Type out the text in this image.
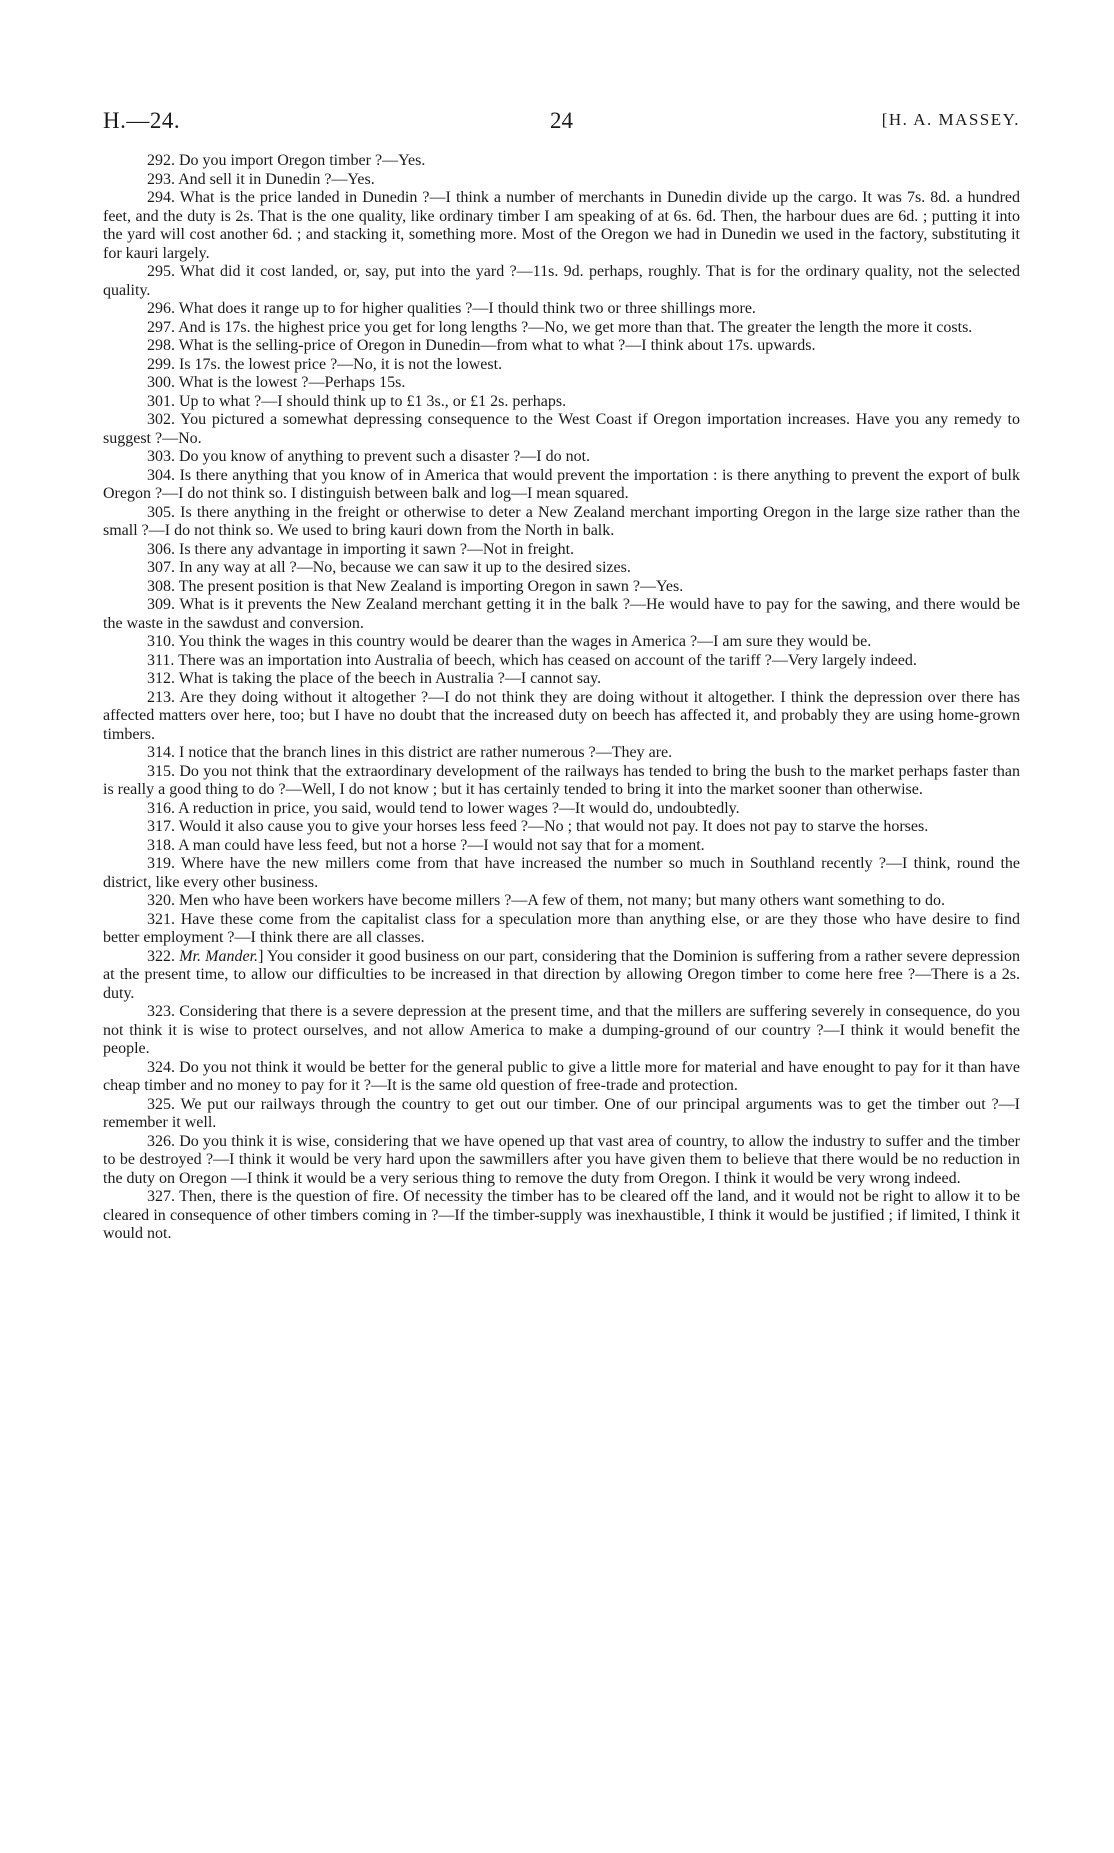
H.—24.	24	[H. A. MASSEY.

292. Do you import Oregon timber ?—Yes.

293. And sell it in Dunedin ?—Yes.

294. What is the price landed in Dunedin ?—I think a number of merchants in Dunedin divide up the cargo. It was 7s. 8d. a hundred feet, and the duty is 2s. That is the one quality, like ordinary timber I am speaking of at 6s. 6d. Then, the harbour dues are 6d. ; putting it into the yard will cost another 6d. ; and stacking it, something more. Most of the Oregon we had in Dunedin we used in the factory, substituting it for kauri largely.

295. What did it cost landed, or, say, put into the yard ?—11s. 9d. perhaps, roughly. That is for the ordinary quality, not the selected quality.

296. What does it range up to for higher qualities ?—I thould think two or three shillings more.

297. And is 17s. the highest price you get for long lengths ?—No, we get more than that. The greater the length the more it costs.

298. What is the selling-price of Oregon in Dunedin—from what to what ?—I think about 17s. upwards.

299. Is 17s. the lowest price ?—No, it is not the lowest.

300. What is the lowest ?—Perhaps 15s.

301. Up to what ?—I should think up to £1 3s., or £1 2s. perhaps.

302. You pictured a somewhat depressing consequence to the West Coast if Oregon importation increases. Have you any remedy to suggest ?—No.

303. Do you know of anything to prevent such a disaster ?—I do not.

304. Is there anything that you know of in America that would prevent the importation : is there anything to prevent the export of bulk Oregon ?—I do not think so. I distinguish between balk and log—I mean squared.

305. Is there anything in the freight or otherwise to deter a New Zealand merchant importing Oregon in the large size rather than the small ?—I do not think so. We used to bring kauri down from the North in balk.

306. Is there any advantage in importing it sawn ?—Not in freight.

307. In any way at all ?—No, because we can saw it up to the desired sizes.

308. The present position is that New Zealand is importing Oregon in sawn ?—Yes.

309. What is it prevents the New Zealand merchant getting it in the balk ?—He would have to pay for the sawing, and there would be the waste in the sawdust and conversion.

310. You think the wages in this country would be dearer than the wages in America ?—I am sure they would be.

311. There was an importation into Australia of beech, which has ceased on account of the tariff ?—Very largely indeed.

312. What is taking the place of the beech in Australia ?—I cannot say.

213. Are they doing without it altogether ?—I do not think they are doing without it altogether. I think the depression over there has affected matters over here, too; but I have no doubt that the increased duty on beech has affected it, and probably they are using home-grown timbers.

314. I notice that the branch lines in this district are rather numerous ?—They are.

315. Do you not think that the extraordinary development of the railways has tended to bring the bush to the market perhaps faster than is really a good thing to do ?—Well, I do not know ; but it has certainly tended to bring it into the market sooner than otherwise.

316. A reduction in price, you said, would tend to lower wages ?—It would do, undoubtedly.

317. Would it also cause you to give your horses less feed ?—No ; that would not pay. It does not pay to starve the horses.

318. A man could have less feed, but not a horse ?—I would not say that for a moment.

319. Where have the new millers come from that have increased the number so much in Southland recently ?—I think, round the district, like every other business.

320. Men who have been workers have become millers ?—A few of them, not many; but many others want something to do.

321. Have these come from the capitalist class for a speculation more than anything else, or are they those who have desire to find better employment ?—I think there are all classes.

322. Mr. Mander.] You consider it good business on our part, considering that the Dominion is suffering from a rather severe depression at the present time, to allow our difficulties to be increased in that direction by allowing Oregon timber to come here free ?—There is a 2s. duty.

323. Considering that there is a severe depression at the present time, and that the millers are suffering severely in consequence, do you not think it is wise to protect ourselves, and not allow America to make a dumping-ground of our country ?—I think it would benefit the people.

324. Do you not think it would be better for the general public to give a little more for material and have enought to pay for it than have cheap timber and no money to pay for it ?—It is the same old question of free-trade and protection.

325. We put our railways through the country to get out our timber. One of our principal arguments was to get the timber out ?—I remember it well.

326. Do you think it is wise, considering that we have opened up that vast area of country, to allow the industry to suffer and the timber to be destroyed ?—I think it would be very hard upon the sawmillers after you have given them to believe that there would be no reduction in the duty on Oregon —I think it would be a very serious thing to remove the duty from Oregon. I think it would be very wrong indeed.

327. Then, there is the question of fire. Of necessity the timber has to be cleared off the land, and it would not be right to allow it to be cleared in consequence of other timbers coming in ?—If the timber-supply was inexhaustible, I think it would be justified ; if limited, I think it would not.
